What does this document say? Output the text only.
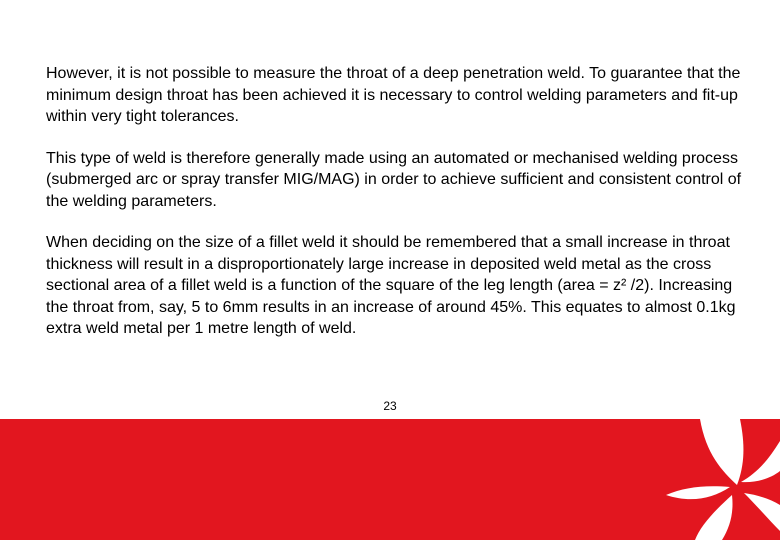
However, it is not possible to measure the throat of a deep penetration weld. To guarantee that the minimum design throat has been achieved it is necessary to control welding parameters and fit-up within very tight tolerances.

This type of weld is therefore generally made using an automated or mechanised welding process (submerged arc or spray transfer MIG/MAG) in order to achieve sufficient and consistent control of the welding parameters.

When deciding on the size of a fillet weld it should be remembered that a small increase in throat thickness will result in a disproportionately large increase in deposited weld metal as the cross sectional area of a fillet weld is a function of the square of the leg length (area = z² /2). Increasing the throat from, say, 5 to 6mm results in an increase of around 45%. This equates to almost 0.1kg extra weld metal per 1 metre length of weld.

23
